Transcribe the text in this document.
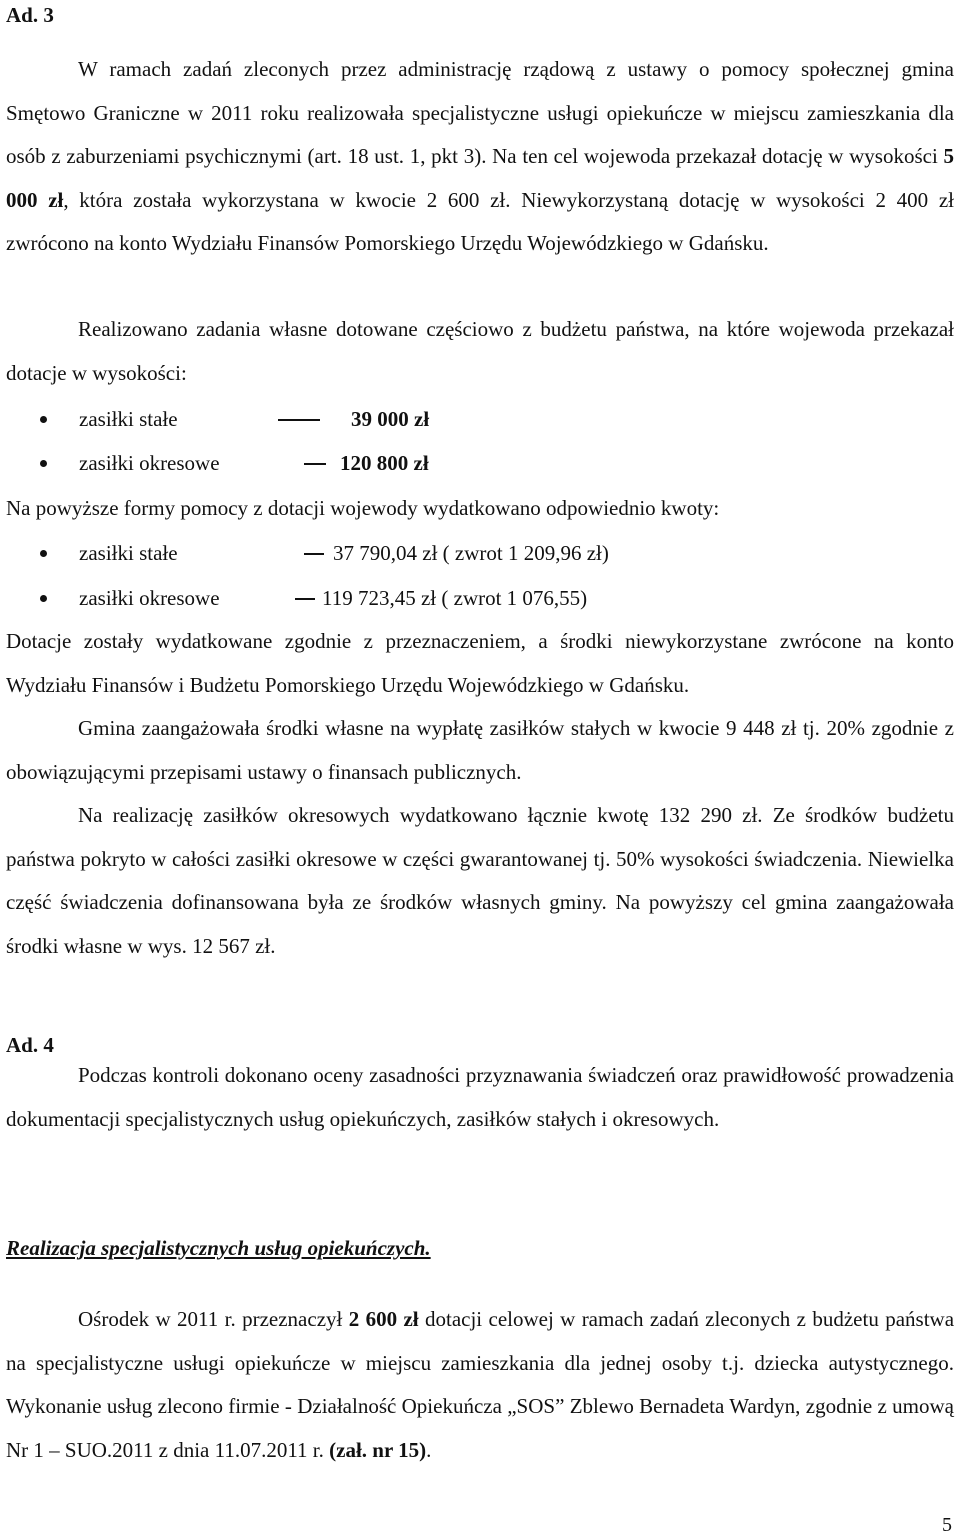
Ad. 3

W ramach zadań zleconych przez administrację rządową z ustawy o pomocy społecznej gmina Smętowo Graniczne w 2011 roku realizowała specjalistyczne usługi opiekuńcze w miejscu zamieszkania dla osób z zaburzeniami psychicznymi (art. 18 ust. 1, pkt 3). Na ten cel wojewoda przekazał dotację w wysokości 5 000 zł, która została wykorzystana w kwocie 2 600 zł. Niewykorzystaną dotację w wysokości 2 400 zł zwrócono na konto Wydziału Finansów Pomorskiego Urzędu Wojewódzkiego w Gdańsku.

Realizowano zadania własne dotowane częściowo z budżetu państwa, na które wojewoda przekazał dotacje w wysokości:

zasiłki stałe	39 000 zł
zasiłki okresowe	120 800 zł

Na powyższe formy pomocy z dotacji wojewody wydatkowano odpowiednio kwoty:

zasiłki stałe	37 790,04 zł ( zwrot 1 209,96 zł)
zasiłki okresowe	119 723,45 zł ( zwrot 1 076,55)

Dotacje zostały wydatkowane zgodnie z przeznaczeniem, a środki niewykorzystane zwrócone na konto Wydziału Finansów i Budżetu Pomorskiego Urzędu Wojewódzkiego w Gdańsku.

Gmina zaangażowała środki własne na wypłatę zasiłków stałych w kwocie 9 448 zł tj. 20% zgodnie z obowiązującymi przepisami ustawy o finansach publicznych.

Na realizację zasiłków okresowych wydatkowano łącznie kwotę 132 290 zł. Ze środków budżetu państwa pokryto w całości zasiłki okresowe w części gwarantowanej tj. 50% wysokości świadczenia. Niewielka część świadczenia dofinansowana była ze środków własnych gminy. Na powyższy cel gmina zaangażowała środki własne w wys. 12 567 zł.

Ad. 4

Podczas kontroli dokonano oceny zasadności przyznawania świadczeń oraz prawidłowość prowadzenia dokumentacji specjalistycznych usług opiekuńczych, zasiłków stałych i okresowych.

Realizacja specjalistycznych usług opiekuńczych.

Ośrodek w 2011 r. przeznaczył 2 600 zł dotacji celowej w ramach zadań zleconych z budżetu państwa na specjalistyczne usługi opiekuńcze w miejscu zamieszkania dla jednej osoby t.j. dziecka autystycznego. Wykonanie usług zlecono firmie - Działalność Opiekuńcza „SOS” Zblewo Bernadeta Wardyn, zgodnie z umową Nr 1 – SUO.2011 z dnia 11.07.2011 r. (zał. nr 15).

5
